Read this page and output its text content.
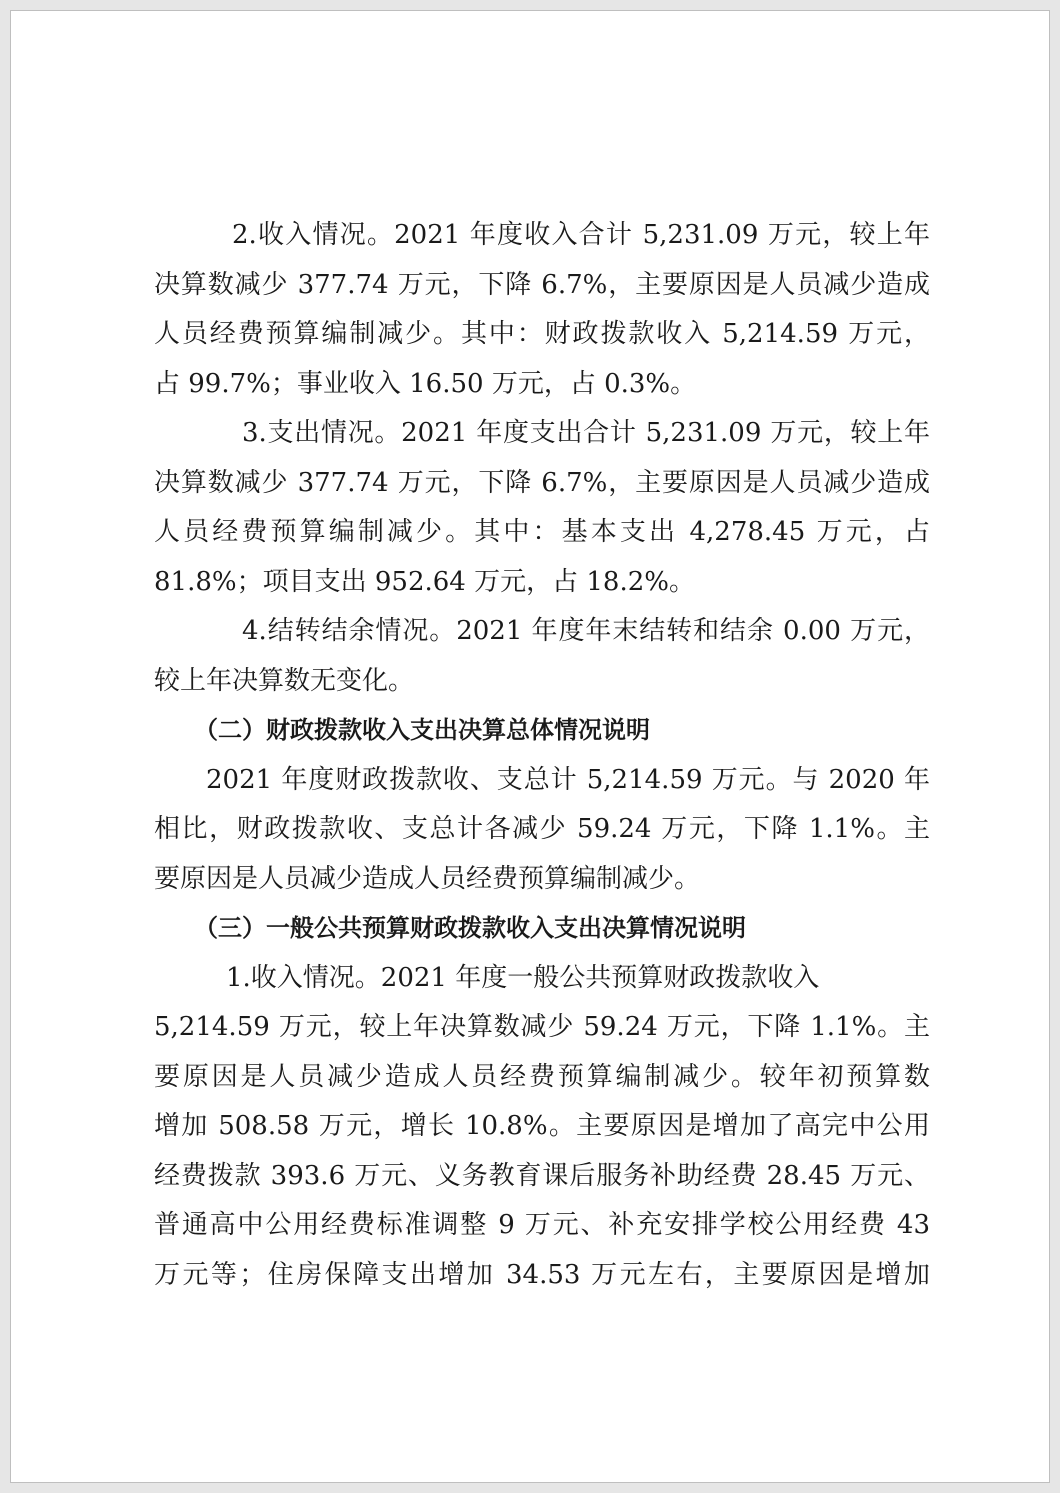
2.收入情况。2021 年度收入合计 5,231.09 万元，较上年
决算数减少 377.74 万元，下降 6.7%，主要原因是人员减少造成
人员经费预算编制减少。其中：财政拨款收入 5,214.59 万元，
占 99.7%；事业收入 16.50 万元，占 0.3%。
3.支出情况。2021 年度支出合计 5,231.09 万元，较上年
决算数减少 377.74 万元，下降 6.7%，主要原因是人员减少造成
人员经费预算编制减少。其中：基本支出 4,278.45 万元，占
81.8%；项目支出 952.64 万元，占 18.2%。
4.结转结余情况。2021 年度年末结转和结余 0.00 万元，
较上年决算数无变化。
（二）财政拨款收入支出决算总体情况说明
2021 年度财政拨款收、支总计 5,214.59 万元。与 2020 年
相比，财政拨款收、支总计各减少 59.24 万元，下降 1.1%。主
要原因是人员减少造成人员经费预算编制减少。
（三）一般公共预算财政拨款收入支出决算情况说明
1.收入情况。2021 年度一般公共预算财政拨款收入
5,214.59 万元，较上年决算数减少 59.24 万元，下降 1.1%。主
要原因是人员减少造成人员经费预算编制减少。较年初预算数
增加 508.58 万元，增长 10.8%。主要原因是增加了高完中公用
经费拨款 393.6 万元、义务教育课后服务补助经费 28.45 万元、
普通高中公用经费标准调整 9 万元、补充安排学校公用经费 43
万元等；住房保障支出增加 34.53 万元左右，主要原因是增加
